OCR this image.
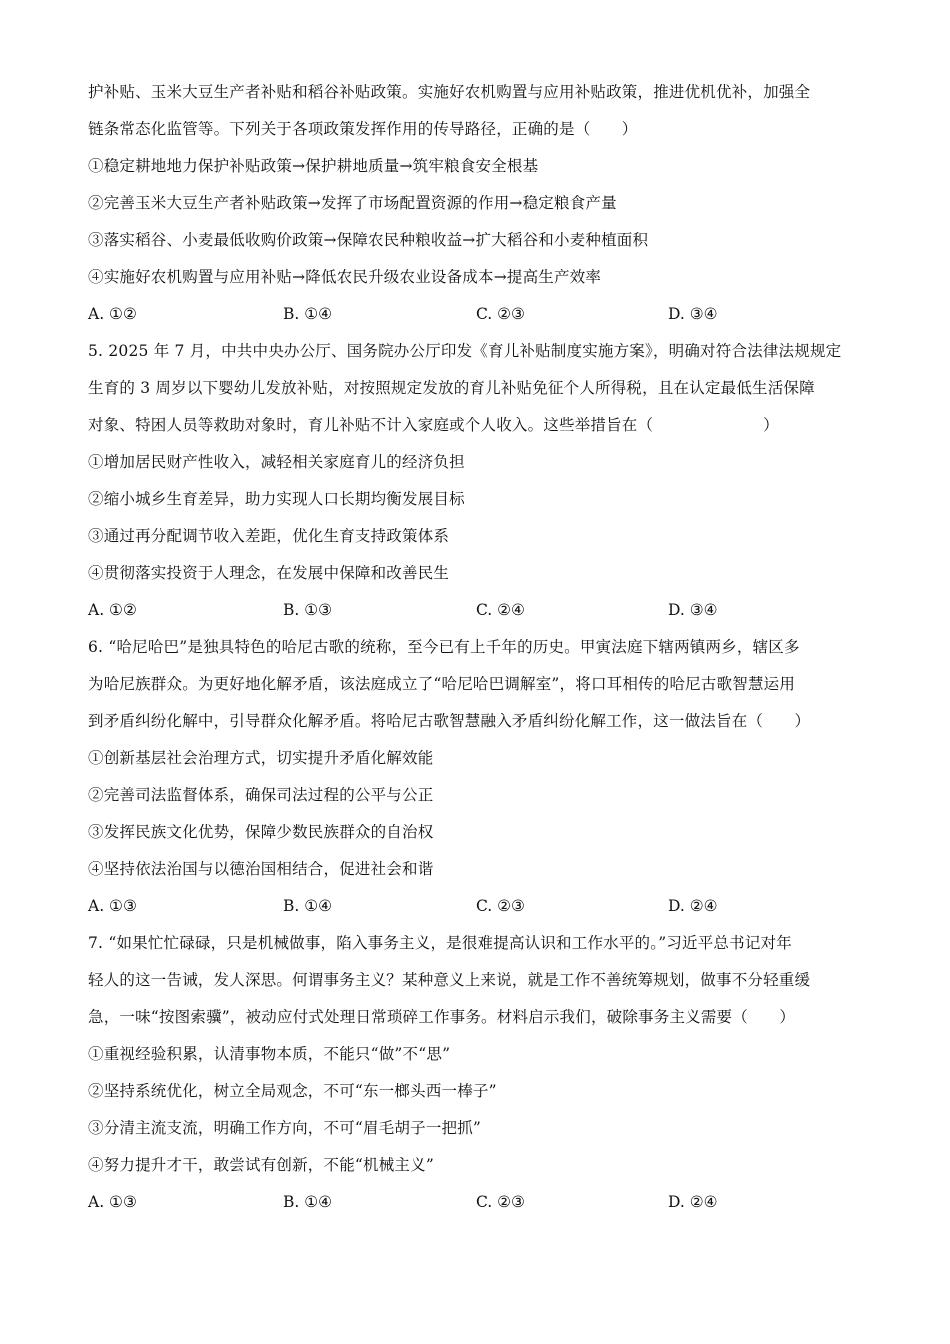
护补贴、玉米大豆生产者补贴和稻谷补贴政策。实施好农机购置与应用补贴政策，推进优机优补，加强全
链条常态化监管等。下列关于各项政策发挥作用的传导路径，正确的是（　　）
①稳定耕地地力保护补贴政策→保护耕地质量→筑牢粮食安全根基
②完善玉米大豆生产者补贴政策→发挥了市场配置资源的作用→稳定粮食产量
③落实稻谷、小麦最低收购价政策→保障农民种粮收益→扩大稻谷和小麦种植面积
④实施好农机购置与应用补贴→降低农民升级农业设备成本→提高生产效率
A. ①②	B. ①④	C. ②③	D. ③④
5. 2025 年 7 月，中共中央办公厅、国务院办公厅印发《育儿补贴制度实施方案》，明确对符合法律法规规定
生育的 3 周岁以下婴幼儿发放补贴，对按照规定发放的育儿补贴免征个人所得税，且在认定最低生活保障
对象、特困人员等救助对象时，育儿补贴不计入家庭或个人收入。这些举措旨在（　　　　　　　）
①增加居民财产性收入，减轻相关家庭育儿的经济负担
②缩小城乡生育差异，助力实现人口长期均衡发展目标
③通过再分配调节收入差距，优化生育支持政策体系
④贯彻落实投资于人理念，在发展中保障和改善民生
A. ①②	B. ①③	C. ②④	D. ③④
6. “哈尼哈巴”是独具特色的哈尼古歌的统称，至今已有上千年的历史。甲寅法庭下辖两镇两乡，辖区多
为哈尼族群众。为更好地化解矛盾，该法庭成立了“哈尼哈巴调解室”，将口耳相传的哈尼古歌智慧运用
到矛盾纠纷化解中，引导群众化解矛盾。将哈尼古歌智慧融入矛盾纠纷化解工作，这一做法旨在（　　）
①创新基层社会治理方式，切实提升矛盾化解效能
②完善司法监督体系，确保司法过程的公平与公正
③发挥民族文化优势，保障少数民族群众的自治权
④坚持依法治国与以德治国相结合，促进社会和谐
A. ①③	B. ①④	C. ②③	D. ②④
7. “如果忙忙碌碌，只是机械做事，陷入事务主义，是很难提高认识和工作水平的。”习近平总书记对年
轻人的这一告诫，发人深思。何谓事务主义？某种意义上来说，就是工作不善统筹规划，做事不分轻重缓
急，一味“按图索骥”，被动应付式处理日常琐碎工作事务。材料启示我们，破除事务主义需要（　　）
①重视经验积累，认清事物本质，不能只“做”不“思”
②坚持系统优化，树立全局观念，不可“东一榔头西一棒子”
③分清主流支流，明确工作方向，不可“眉毛胡子一把抓”
④努力提升才干，敢尝试有创新，不能“机械主义”
A. ①③	B. ①④	C. ②③	D. ②④
